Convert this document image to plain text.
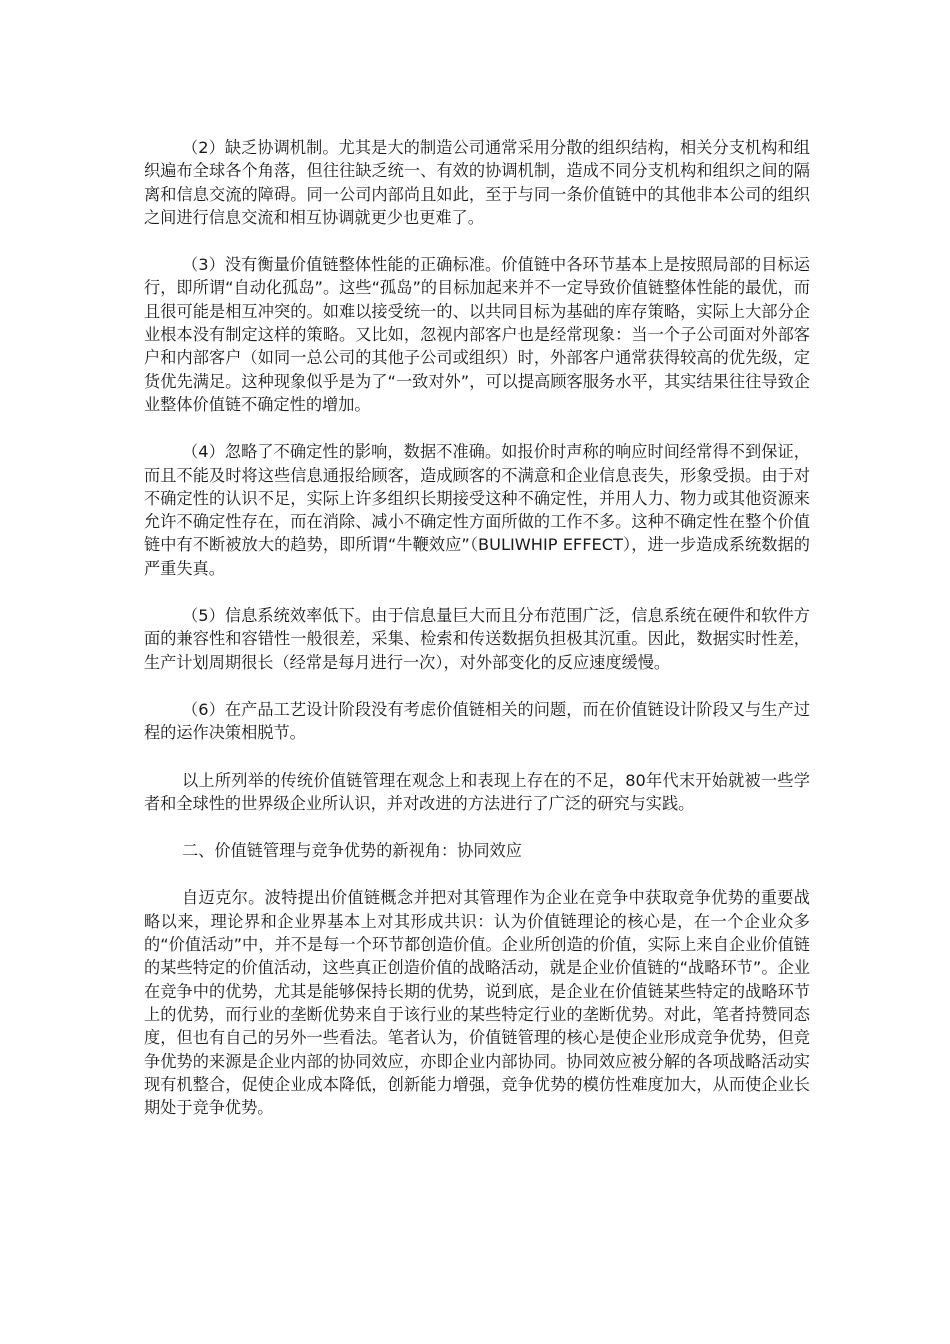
（2）缺乏协调机制。尤其是大的制造公司通常采用分散的组织结构，相关分支机构和组织遍布全球各个角落，但往往缺乏统一、有效的协调机制，造成不同分支机构和组织之间的隔离和信息交流的障碍。同一公司内部尚且如此，至于与同一条价值链中的其他非本公司的组织之间进行信息交流和相互协调就更少也更难了。

（3）没有衡量价值链整体性能的正确标准。价值链中各环节基本上是按照局部的目标运行，即所谓“自动化孤岛”。这些“孤岛”的目标加起来并不一定导致价值链整体性能的最优，而且很可能是相互冲突的。如难以接受统一的、以共同目标为基础的库存策略，实际上大部分企业根本没有制定这样的策略。又比如，忽视内部客户也是经常现象：当一个子公司面对外部客户和内部客户（如同一总公司的其他子公司或组织）时，外部客户通常获得较高的优先级，定货优先满足。这种现象似乎是为了“一致对外”，可以提高顾客服务水平，其实结果往往导致企业整体价值链不确定性的增加。

（4）忽略了不确定性的影响，数据不准确。如报价时声称的响应时间经常得不到保证，而且不能及时将这些信息通报给顾客，造成顾客的不满意和企业信息丧失，形象受损。由于对不确定性的认识不足，实际上许多组织长期接受这种不确定性，并用人力、物力或其他资源来允许不确定性存在，而在消除、减小不确定性方面所做的工作不多。这种不确定性在整个价值链中有不断被放大的趋势，即所谓“牛鞭效应”（BULIWHIP EFFECT），进一步造成系统数据的严重失真。

（5）信息系统效率低下。由于信息量巨大而且分布范围广泛，信息系统在硬件和软件方面的兼容性和容错性一般很差，采集、检索和传送数据负担极其沉重。因此，数据实时性差，生产计划周期很长（经常是每月进行一次），对外部变化的反应速度缓慢。

（6）在产品工艺设计阶段没有考虑价值链相关的问题，而在价值链设计阶段又与生产过程的运作决策相脱节。

以上所列举的传统价值链管理在观念上和表现上存在的不足，80年代末开始就被一些学者和全球性的世界级企业所认识，并对改进的方法进行了广泛的研究与实践。

二、价值链管理与竞争优势的新视角：协同效应

自迈克尔。波特提出价值链概念并把对其管理作为企业在竞争中获取竞争优势的重要战略以来，理论界和企业界基本上对其形成共识：认为价值链理论的核心是，在一个企业众多的“价值活动”中，并不是每一个环节都创造价值。企业所创造的价值，实际上来自企业价值链的某些特定的价值活动，这些真正创造价值的战略活动，就是企业价值链的“战略环节”。企业在竞争中的优势，尤其是能够保持长期的优势，说到底，是企业在价值链某些特定的战略环节上的优势，而行业的垄断优势来自于该行业的某些特定行业的垄断优势。对此，笔者持赞同态度，但也有自己的另外一些看法。笔者认为，价值链管理的核心是使企业形成竞争优势，但竞争优势的来源是企业内部的协同效应，亦即企业内部协同。协同效应被分解的各项战略活动实现有机整合，促使企业成本降低，创新能力增强，竞争优势的模仿性难度加大，从而使企业长期处于竞争优势。
